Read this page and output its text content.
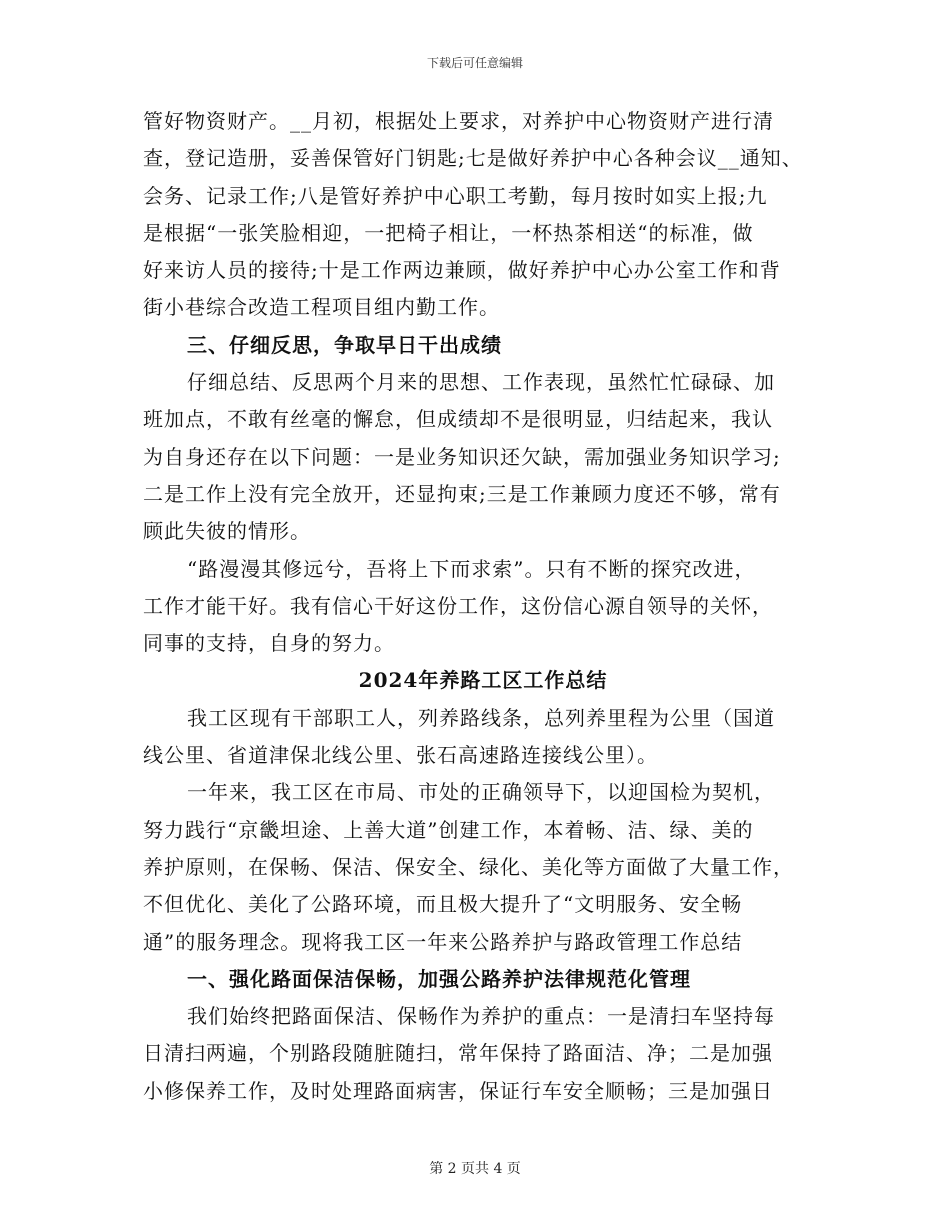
下载后可任意编辑
管好物资财产。__月初，根据处上要求，对养护中心物资财产进行清
查，登记造册，妥善保管好门钥匙;七是做好养护中心各种会议__通知、
会务、记录工作;八是管好养护中心职工考勤，每月按时如实上报;九
是根据“一张笑脸相迎，一把椅子相让，一杯热茶相送“的标准，做
好来访人员的接待;十是工作两边兼顾，做好养护中心办公室工作和背
街小巷综合改造工程项目组内勤工作。
三、仔细反思，争取早日干出成绩
仔细总结、反思两个月来的思想、工作表现，虽然忙忙碌碌、加
班加点，不敢有丝毫的懈怠，但成绩却不是很明显，归结起来，我认
为自身还存在以下问题：一是业务知识还欠缺，需加强业务知识学习;
二是工作上没有完全放开，还显拘束;三是工作兼顾力度还不够，常有
顾此失彼的情形。
“路漫漫其修远兮，吾将上下而求索”。只有不断的探究改进，
工作才能干好。我有信心干好这份工作，这份信心源自领导的关怀，
同事的支持，自身的努力。
2024年养路工区工作总结
我工区现有干部职工人，列养路线条，总列养里程为公里（国道
线公里、省道津保北线公里、张石高速路连接线公里）。
一年来，我工区在市局、市处的正确领导下，以迎国检为契机，
努力践行“京畿坦途、上善大道”创建工作，本着畅、洁、绿、美的
养护原则，在保畅、保洁、保安全、绿化、美化等方面做了大量工作，
不但优化、美化了公路环境，而且极大提升了“文明服务、安全畅
通”的服务理念。现将我工区一年来公路养护与路政管理工作总结
一、强化路面保洁保畅，加强公路养护法律规范化管理
我们始终把路面保洁、保畅作为养护的重点：一是清扫车坚持每
日清扫两遍，个别路段随脏随扫，常年保持了路面洁、净；二是加强
小修保养工作，及时处理路面病害，保证行车安全顺畅；三是加强日
第 2 页共 4 页
